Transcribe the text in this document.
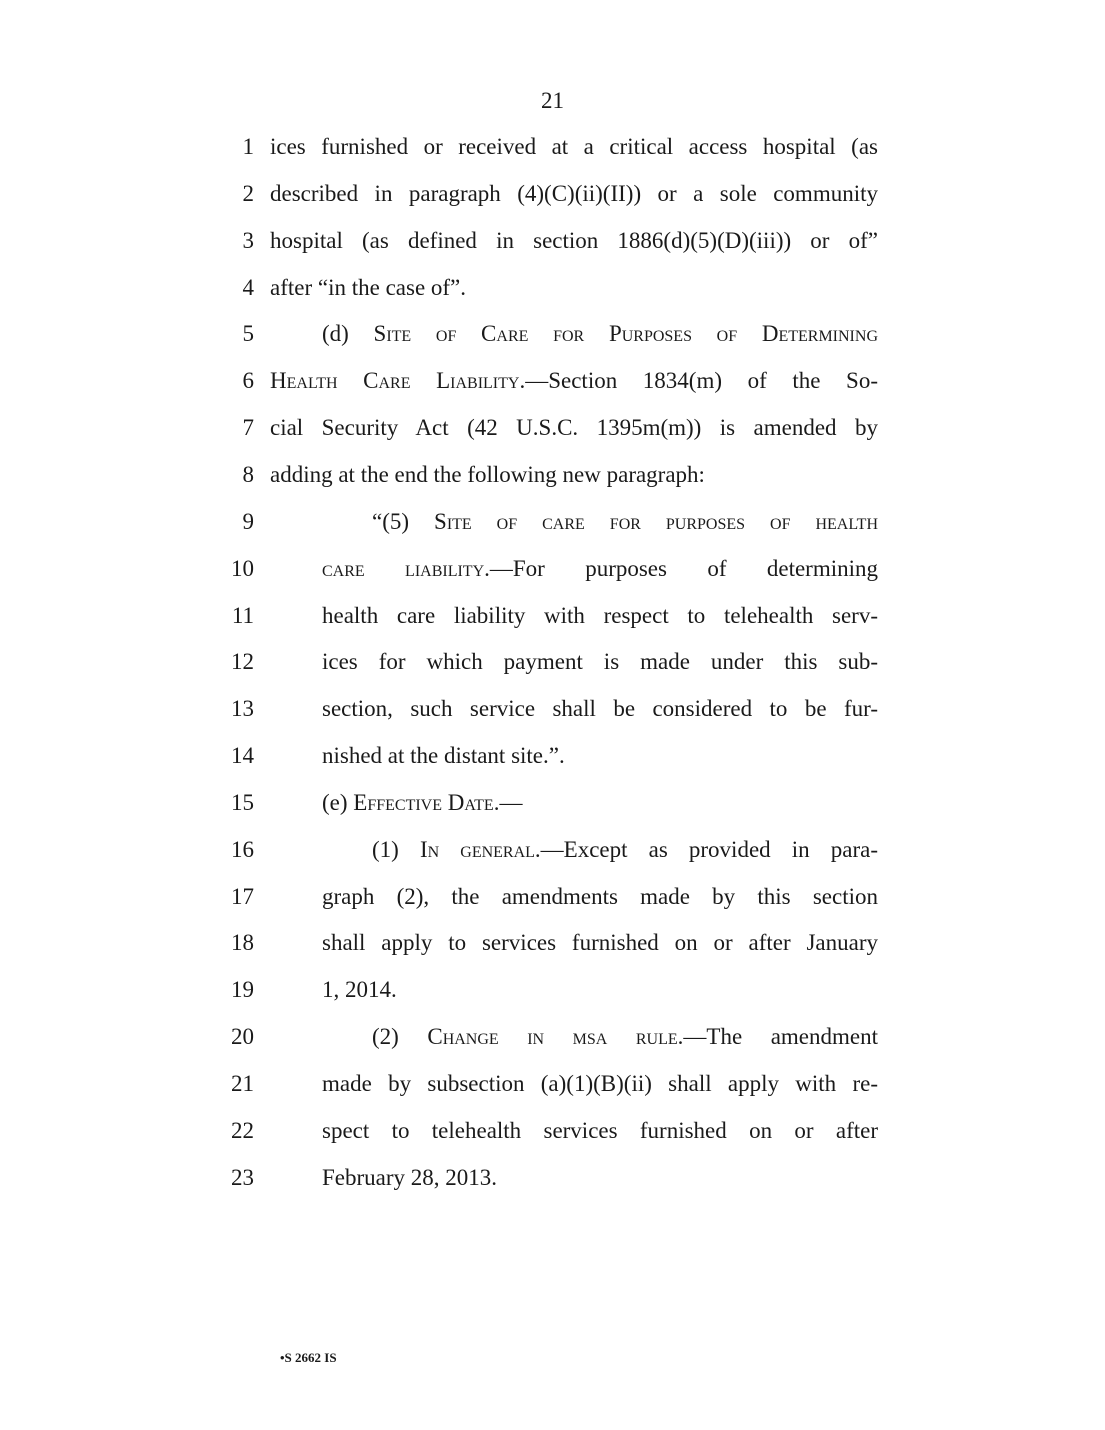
21
1 ices furnished or received at a critical access hospital (as
2 described in paragraph (4)(C)(ii)(II)) or a sole community
3 hospital (as defined in section 1886(d)(5)(D)(iii)) or of”
4 after “in the case of”.
5	(d) Site of Care for Purposes of Determining
6 Health Care Liability.—Section 1834(m) of the So-
7 cial Security Act (42 U.S.C. 1395m(m)) is amended by
8 adding at the end the following new paragraph:
9	“(5) Site of care for purposes of health
10	care liability.—For purposes of determining
11	health care liability with respect to telehealth serv-
12	ices for which payment is made under this sub-
13	section, such service shall be considered to be fur-
14	nished at the distant site.”.
15	(e) Effective Date.—
16	(1) In general.—Except as provided in para-
17	graph (2), the amendments made by this section
18	shall apply to services furnished on or after January
19	1, 2014.
20	(2) Change in msa rule.—The amendment
21	made by subsection (a)(1)(B)(ii) shall apply with re-
22	spect to telehealth services furnished on or after
23	February 28, 2013.
•S 2662 IS
